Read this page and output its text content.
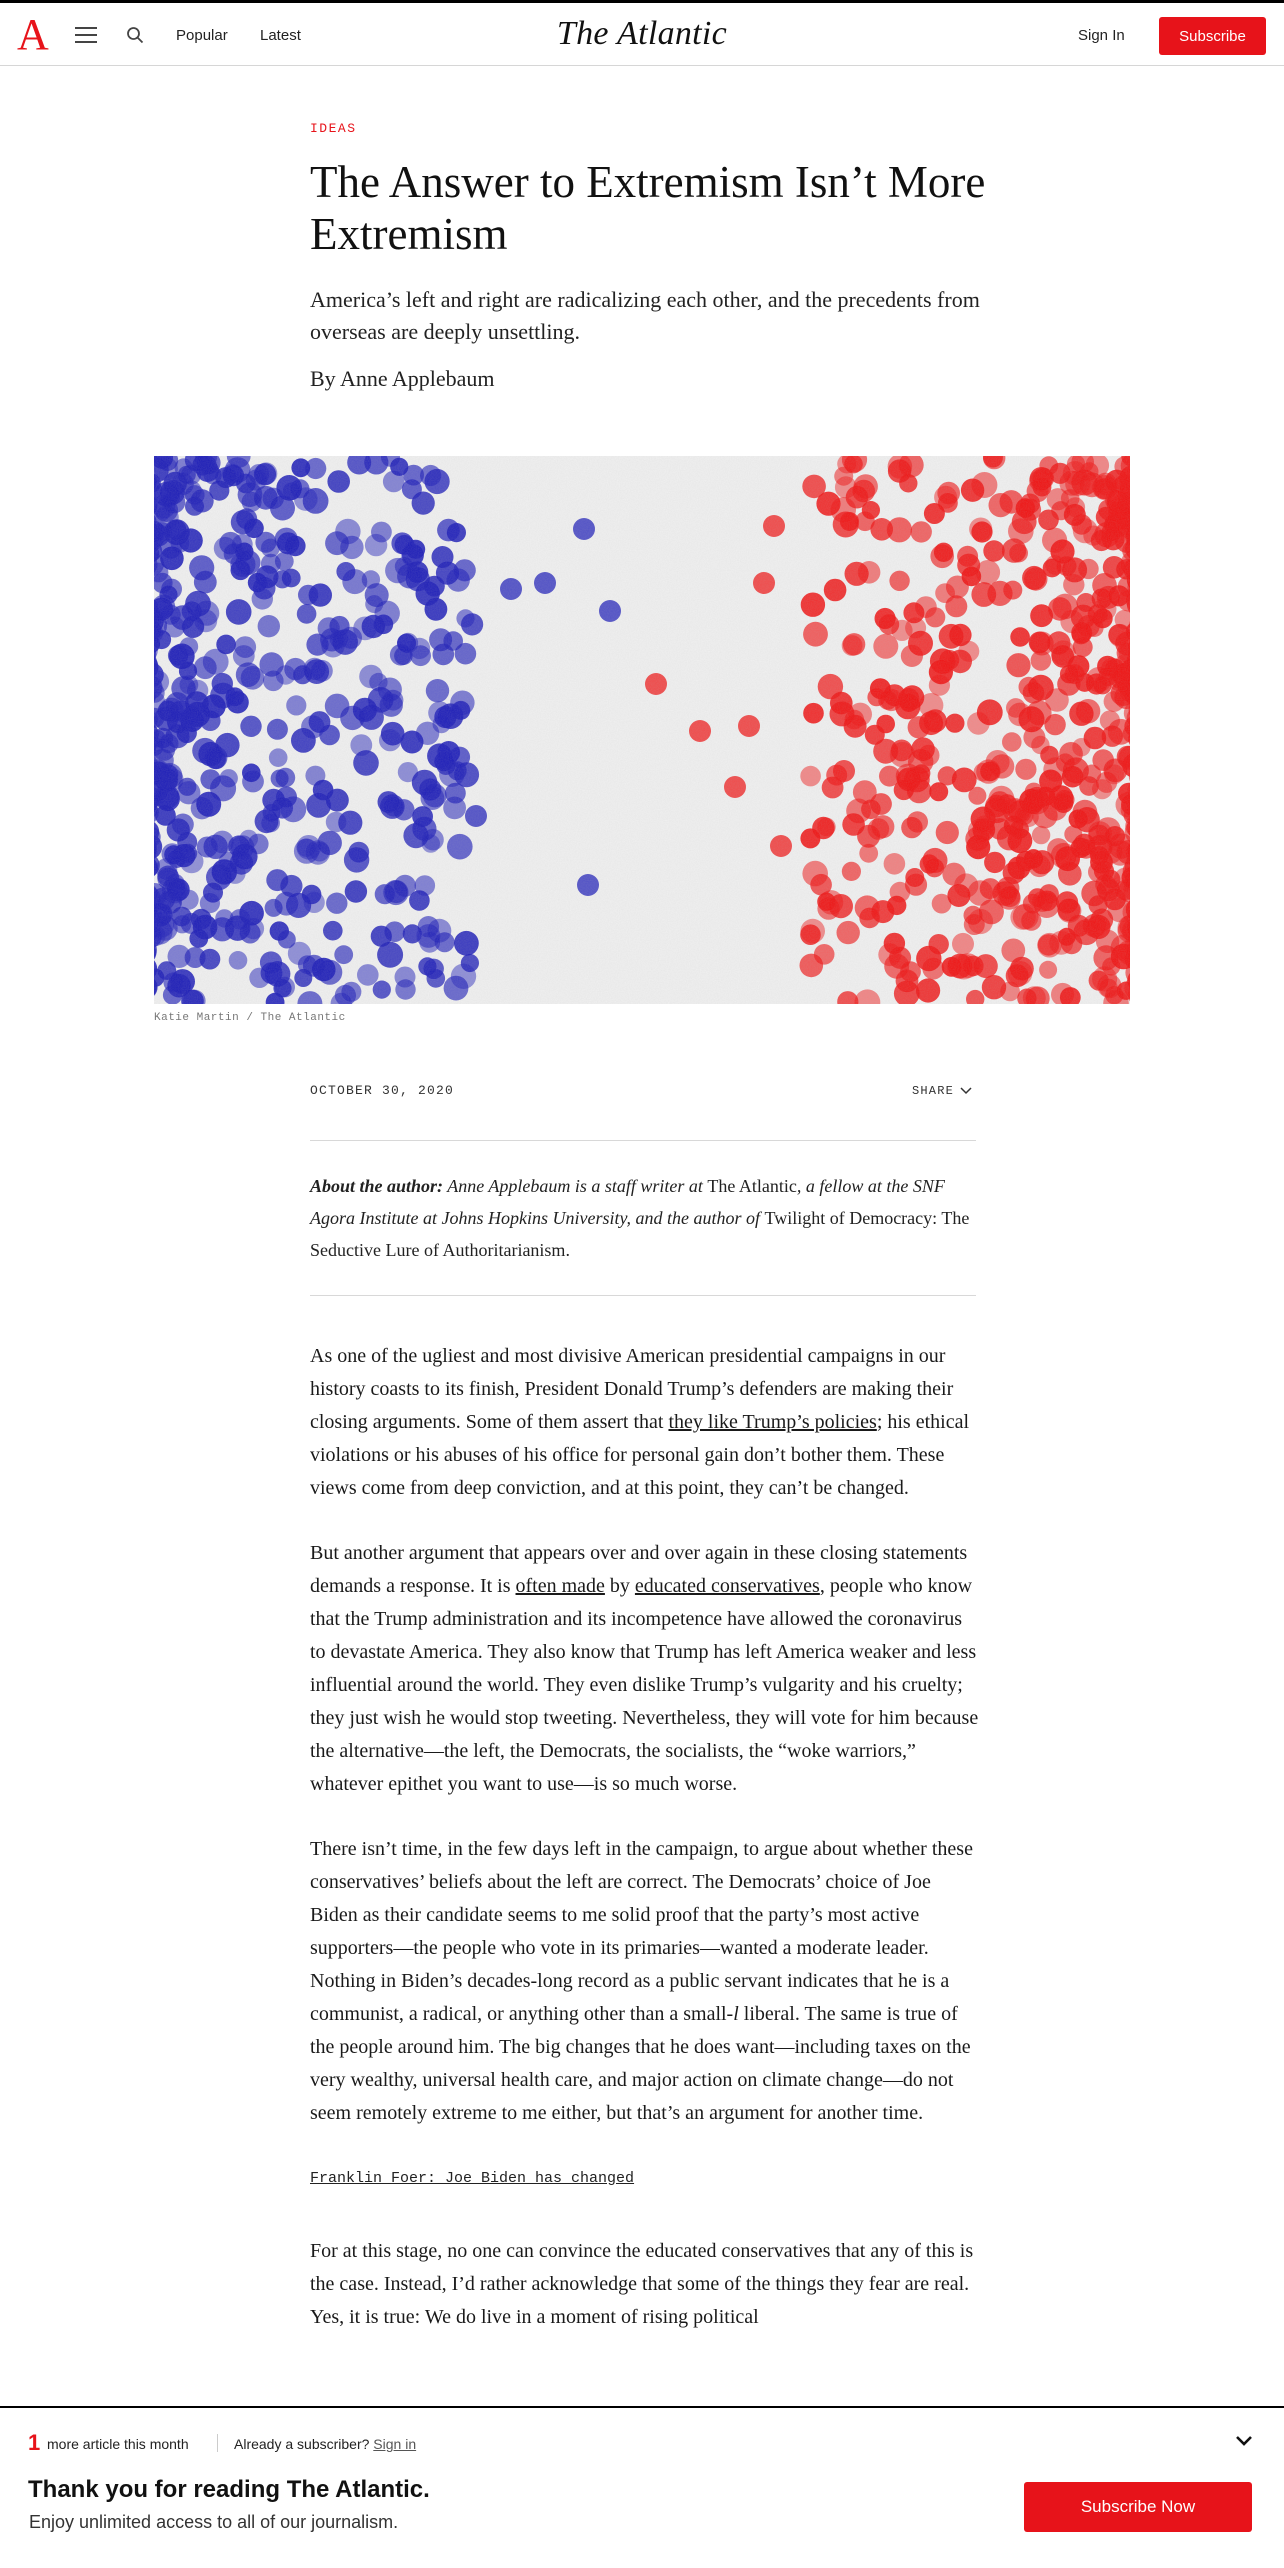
A	Popular Latest	The Atlantic	Sign In	Subscribe
IDEAS
The Answer to Extremism Isn’t More Extremism

America’s left and right are radicalizing each other, and the precedents from overseas are deeply unsettling.

By Anne Applebaum
Katie Martin / The Atlantic
OCTOBER 30, 2020	SHARE
About the author: Anne Applebaum is a staff writer at The Atlantic, a fellow at the SNF Agora Institute at Johns Hopkins University, and the author of Twilight of Democracy: The Seductive Lure of Authoritarianism.

As one of the ugliest and most divisive American presidential campaigns in our history coasts to its finish, President Donald Trump’s defenders are making their closing arguments. Some of them assert that they like Trump’s policies; his ethical violations or his abuses of his office for personal gain don’t bother them. These views come from deep conviction, and at this point, they can’t be changed.

But another argument that appears over and over again in these closing statements demands a response. It is often made by educated conservatives, people who know that the Trump administration and its incompetence have allowed the coronavirus to devastate America. They also know that Trump has left America weaker and less influential around the world. They even dislike Trump’s vulgarity and his cruelty; they just wish he would stop tweeting. Nevertheless, they will vote for him because the alternative—the left, the Democrats, the socialists, the “woke warriors,” whatever epithet you want to use—is so much worse.

There isn’t time, in the few days left in the campaign, to argue about whether these conservatives’ beliefs about the left are correct. The Democrats’ choice of Joe Biden as their candidate seems to me solid proof that the party’s most active supporters—the people who vote in its primaries—wanted a moderate leader. Nothing in Biden’s decades-long record as a public servant indicates that he is a communist, a radical, or anything other than a small-l liberal. The same is true of the people around him. The big changes that he does want—including taxes on the very wealthy, universal health care, and major action on climate change—do not seem remotely extreme to me either, but that’s an argument for another time.

Franklin Foer: Joe Biden has changed

For at this stage, no one can convince the educated conservatives that any of this is the case. Instead, I’d rather acknowledge that some of the things they fear are real. Yes, it is true: We do live in a moment of rising political

1 more article this month	Already a subscriber? Sign in
Thank you for reading The Atlantic.
Enjoy unlimited access to all of our journalism.
Subscribe Now
